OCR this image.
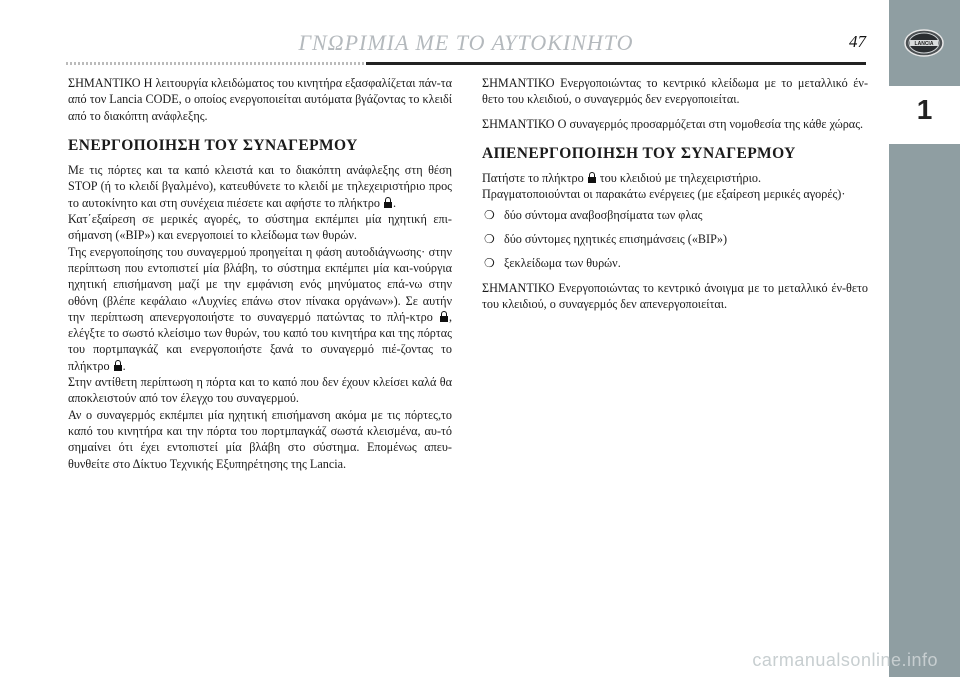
ΓΝΩΡΙΜΙΑ ΜΕ ΤΟ ΑΥΤΟΚΙΝΗΤΟ	47	LANCIA
1

ΣΗΜΑΝΤΙΚΟ Η λειτουργία κλειδώματος του κινητήρα εξασφαλίζεται πάν-τα από τον Lancia CODE, ο οποίος ενεργοποιείται αυτόματα βγάζοντας το κλειδί από το διακόπτη ανάφλεξης.

ΕΝΕΡΓΟΠΟΙΗΣΗ ΤΟΥ ΣΥΝΑΓΕΡΜΟΥ

Με τις πόρτες και τα καπό κλειστά και το διακόπτη ανάφλεξης στη θέση STOP (ή το κλειδί βγαλμένο), κατευθύνετε το κλειδί με τηλεχειριστήριο προς το αυτοκίνητο και στη συνέχεια πιέσετε και αφήστε το πλήκτρο .

Κατ΄εξαίρεση σε μερικές αγορές, το σύστημα εκπέμπει μία ηχητική επι-σήμανση («BIP») και ενεργοποιεί το κλείδωμα των θυρών.

Της ενεργοποίησης του συναγερμού προηγείται η φάση αυτοδιάγνωσης· στην περίπτωση που εντοπιστεί μία βλάβη, το σύστημα εκπέμπει μία και-νούργια ηχητική επισήμανση μαζί με την εμφάνιση ενός μηνύματος επά-νω στην οθόνη (βλέπε κεφάλαιο «Λυχνίες επάνω στον πίνακα οργάνων»). Σε αυτήν την περίπτωση απενεργοποιήστε το συναγερμό πατώντας το πλή-κτρο , ελέγξτε το σωστό κλείσιμο των θυρών, του καπό του κινητήρα και της πόρτας του πορτμπαγκάζ και ενεργοποιήστε ξανά το συναγερμό πιέ-ζοντας το πλήκτρο .

Στην αντίθετη περίπτωση η πόρτα και το καπό που δεν έχουν κλείσει καλά θα αποκλειστούν από τον έλεγχο του συναγερμού.

Αν ο συναγερμός εκπέμπει μία ηχητική επισήμανση ακόμα με τις πόρτες,το καπό του κινητήρα και την πόρτα του πορτμπαγκάζ σωστά κλεισμένα, αυ-τό σημαίνει ότι έχει εντοπιστεί μία βλάβη στο σύστημα. Επομένως απευ-θυνθείτε στο Δίκτυο Τεχνικής Εξυπηρέτησης της Lancia.

ΣΗΜΑΝΤΙΚΟ Ενεργοποιώντας το κεντρικό κλείδωμα με το μεταλλικό έν-θετο του κλειδιού, ο συναγερμός δεν ενεργοποιείται.

ΣΗΜΑΝΤΙΚΟ Ο συναγερμός προσαρμόζεται στη νομοθεσία της κάθε χώρας.

ΑΠΕΝΕΡΓΟΠΟΙΗΣΗ ΤΟΥ ΣΥΝΑΓΕΡΜΟΥ

Πατήστε το πλήκτρο του κλειδιού με τηλεχειριστήριο.

Πραγματοποιούνται οι παρακάτω ενέργειες (με εξαίρεση μερικές αγορές)·

❍ δύο σύντομα αναβοσβησίματα των φλας
❍ δύο σύντομες ηχητικές επισημάνσεις («BIP»)
❍ ξεκλείδωμα των θυρών.

ΣΗΜΑΝΤΙΚΟ Ενεργοποιώντας το κεντρικό άνοιγμα με το μεταλλικό έν-θετο του κλειδιού, ο συναγερμός δεν απενεργοποιείται.

carmanualsonline.info
